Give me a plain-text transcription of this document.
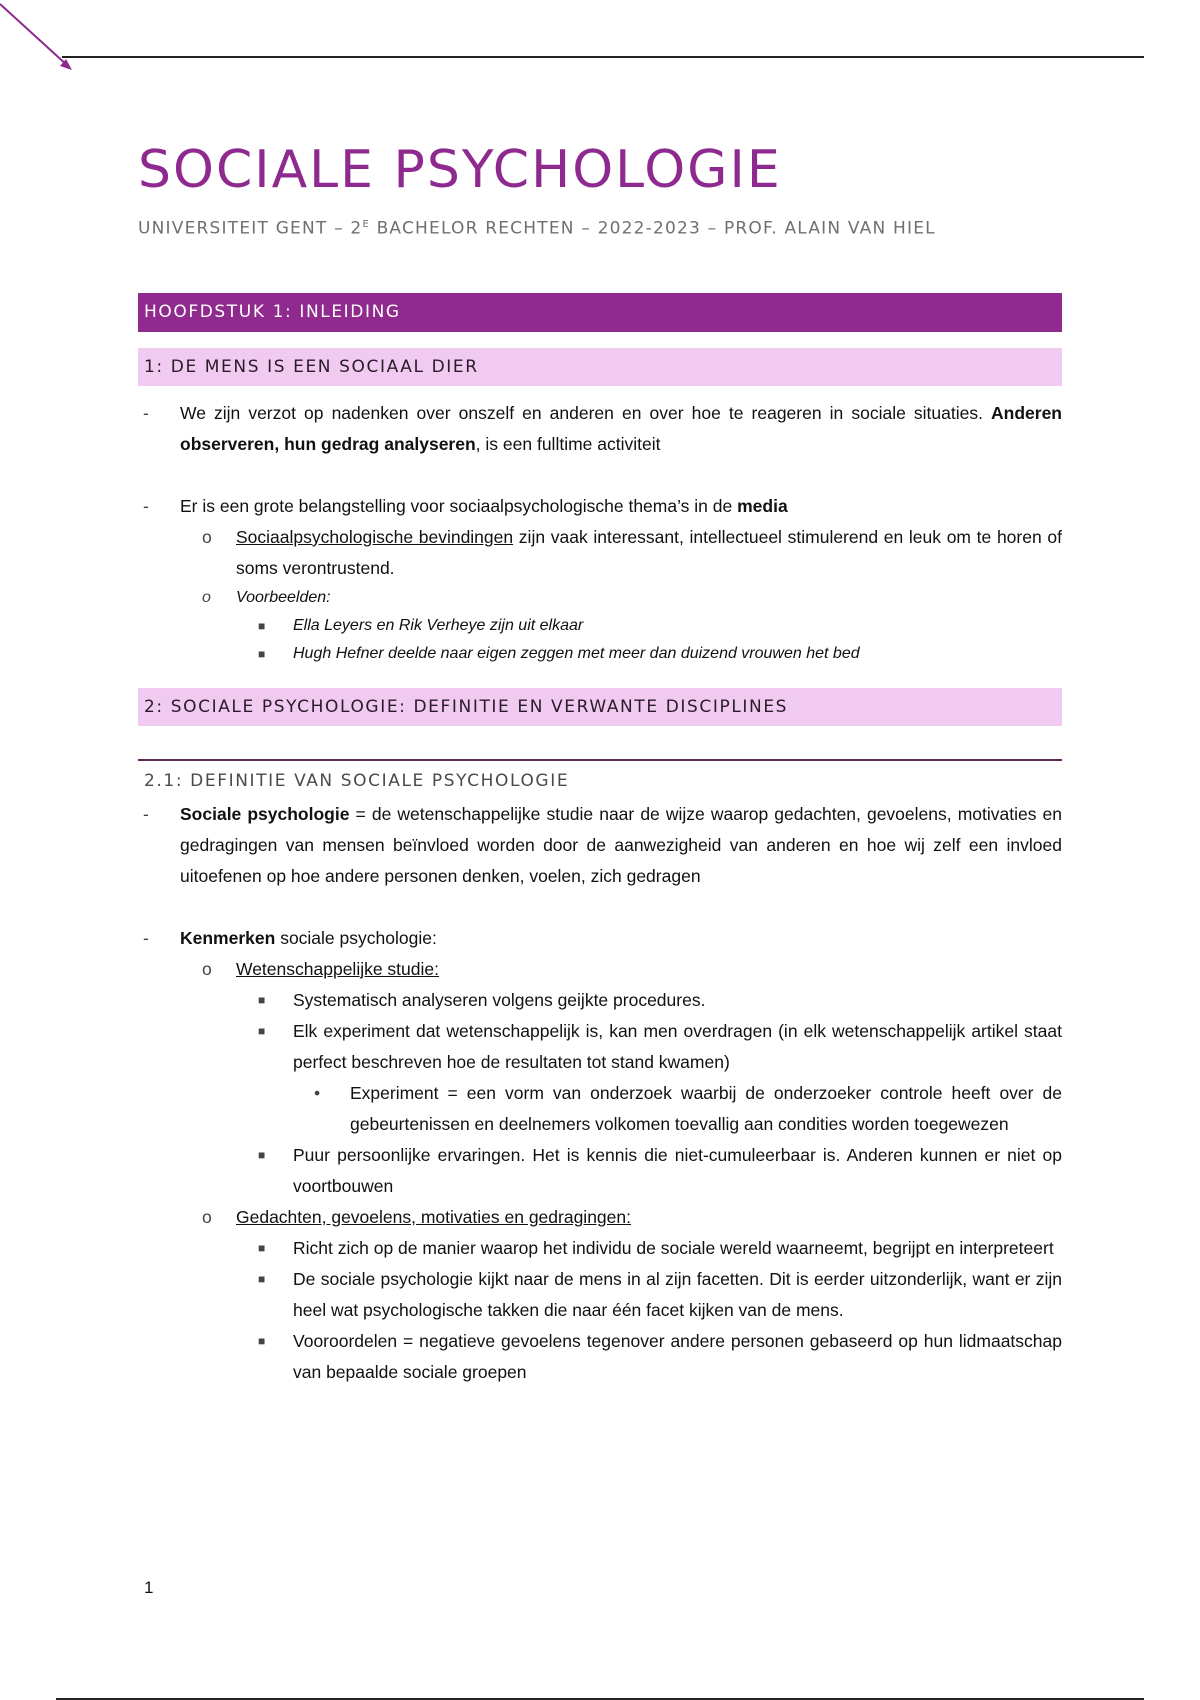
SOCIALE PSYCHOLOGIE
UNIVERSITEIT GENT – $2^E$ BACHELOR RECHTEN – 2022-2023 – PROF. ALAIN VAN HIEL
HOOFDSTUK 1: INLEIDING
1: DE MENS IS EEN SOCIAAL DIER
- We zijn verzot op nadenken over onszelf en anderen en over hoe te reageren in sociale situaties. Anderen observeren, hun gedrag analyseren, is een fulltime activiteit

- Er is een grote belangstelling voor sociaalpsychologische thema’s in de media

o Sociaalpsychologische bevindingen zijn vaak interessant, intellectueel stimulerend en leuk om te horen of soms verontrustend.

o Voorbeelden:

■ Ella Leyers en Rik Verheye zijn uit elkaar

■ Hugh Hefner deelde naar eigen zeggen met meer dan duizend vrouwen het bed

2: SOCIALE PSYCHOLOGIE: DEFINITIE EN VERWANTE DISCIPLINES
2.1: DEFINITIE VAN SOCIALE PSYCHOLOGIE
- Sociale psychologie = de wetenschappelijke studie naar de wijze waarop gedachten, gevoelens, motivaties en gedragingen van mensen beïnvloed worden door de aanwezigheid van anderen en hoe wij zelf een invloed uitoefenen op hoe andere personen denken, voelen, zich gedragen

- Kenmerken sociale psychologie:

o Wetenschappelijke studie:

■ Systematisch analyseren volgens geijkte procedures.

■ Elk experiment dat wetenschappelijk is, kan men overdragen (in elk wetenschappelijk artikel staat perfect beschreven hoe de resultaten tot stand kwamen)

• Experiment = een vorm van onderzoek waarbij de onderzoeker controle heeft over de gebeurtenissen en deelnemers volkomen toevallig aan condities worden toegewezen

■ Puur persoonlijke ervaringen. Het is kennis die niet-cumuleerbaar is. Anderen kunnen er niet op voortbouwen

o Gedachten, gevoelens, motivaties en gedragingen:

■ Richt zich op de manier waarop het individu de sociale wereld waarneemt, begrijpt en interpreteert

■ De sociale psychologie kijkt naar de mens in al zijn facetten. Dit is eerder uitzonderlijk, want er zijn heel wat psychologische takken die naar één facet kijken van de mens.

■ Vooroordelen = negatieve gevoelens tegenover andere personen gebaseerd op hun lidmaatschap van bepaalde sociale groepen

1
